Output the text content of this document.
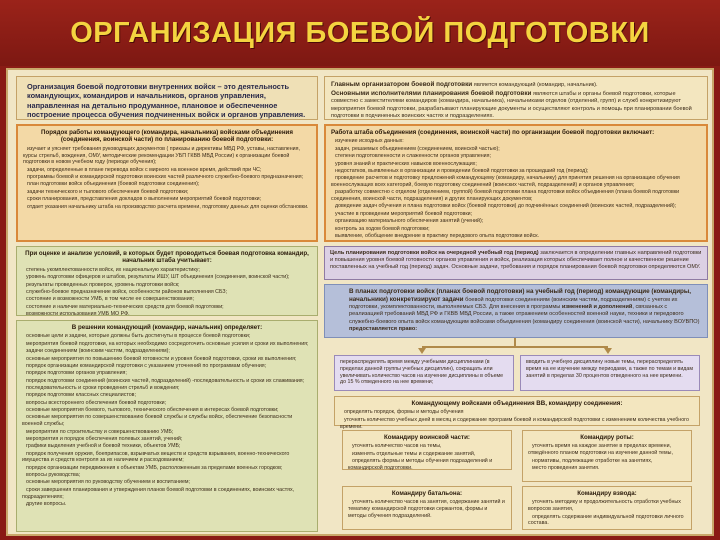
ОРГАНИЗАЦИЯ БОЕВОЙ ПОДГОТОВКИ
Организация боевой подготовки внутренних войск – это деятельность командующих, командиров и начальников, органов управления, направленная на детально продуманное, плановое и обеспеченное построение процесса обучения подчиненных войск и органов управления.

Главным организатором боевой подготовки является командующий (командир, начальник).

Основными исполнителями планирования боевой подготовки являются штабы и органы боевой подготовки, которые совместно с заместителями командиров (командира, начальника), начальниками отделов (отделений, групп) и служб конкретизируют мероприятия боевой подготовки, разрабатывают планирующие документы и осуществляют контроль и помощь при планировании боевой подготовки в подчиненных воинских частях и подразделениях.

Порядок работы командующего (командира, начальника) войсками объединения (соединения, воинской части) по планированию боевой подготовки:

изучает и уясняет требования руководящих документов ( приказы и директивы МВД РФ, уставы, наставления, курсы стрельб, вождения, ОМУ, методические рекомендации УБП ГКВВ МВД России) к организации боевой подготовки в новом учебном году (периоде обучения);

задачи, определенные в плане перевода войск с мирного на военное время, действий при ЧС;

программы боевой и командирской подготовки воинских частей различного служебно-боевого предназначения;

план подготовки войск объединения (боевой подготовки соединения);

задачи технического и тылового обеспечения боевой подготовки;

сроки планирования, представления докладов о выполнении мероприятий боевой подготовки;

отдает указания начальнику штаба на производство расчета времени, подготовку данных для оценки обстановки.

Работа штаба объединения (соединения, воинской части) по организации боевой подготовки включает:

изучение исходных данных:

задач, решаемых объединением (соединением, воинской частью);

степени подготовленности и слаженности органов управления;

уровня знаний и практических навыков военнослужащих;

недостатков, выявленных в организации и проведении боевой подготовки за прошедший год (период);

проведение расчетов и подготовку предложений командующему (командиру, начальнику) для принятия решения на организацию обучения военнослужащих всех категорий, боевую подготовку соединений (воинских частей, подразделений) и органов управления;

разработку совместно с отделом (отделением, группой) боевой подготовки плана подготовки войск объединения (плана боевой подготовки соединения, воинской части, подразделения) и других планирующих документов;

доведение задач обучения и плана подготовки войск (боевой подготовки) до подчинённых соединений (воинских частей, подразделений);

участие в проведении мероприятий боевой подготовки;

организацию материального обеспечения занятий (учений);

контроль за ходом боевой подготовки;

выявление, обобщение внедрение в практику передового опыта подготовки войск.

При оценке и анализе условий, в которых будет проводиться боевая подготовка командир, начальник штаба учитывает:

степень укомплектованности войск, их национальную характеристику;

уровень подготовки офицеров и штабов, результаты ИШУ, ШТ объединения (соединения, воинской части);

результаты проведенных проверок, уровень подготовки войск;

служебно-боевое предназначение войск, особенности районов выполнения СБЗ;

состояние и возможности УМБ, в том числе ее совершенствования;

состояние и наличие материально-технических средств для боевой подготовки;

возможности использования УМБ МО РФ.

В решении командующий (командир, начальник) определяет:

основные цели и задачи, которые должны быть достигнуты в процессе боевой подготовки;

мероприятия боевой подготовки, на которых необходимо сосредоточить основные усилия и сроки их выполнения;

задачи соединениям (воинским частям, подразделениям);

основные мероприятия по повышению боевой готовности и уровня боевой подготовки, сроки их выполнения;

порядок организации командирской подготовки с указанием уточнений по программам обучения;

порядок подготовки органов управления;

порядок подготовки соединений (воинских частей, подразделений) -последовательность и сроки их слаживания;

последовательность и сроки проведения стрельб и вождения;

порядок подготовки классных специалистов;

вопросы всестороннего обеспечения боевой подготовки;

основные мероприятия боевого, тылового, технического обеспечения в интересах боевой подготовки;

основные мероприятия по совершенствованию боевой службы и службы войск, обеспечение безопасности военной службы;

мероприятия по строительству и совершенствованию УМБ;

мероприятия и порядок обеспечения полевых занятий, учений;

графики выделения учебной и боевой техники, объектов УМБ;

порядок получения оружия, боеприпасов, взрывчатых веществ и средств взрывания, военно-технического имущества и средств контроля за их наличием и расходованием;

порядок организации передвижения к объектам УМБ, расположенным за пределами военных городков;

вопросы руководства;

основные мероприятия по руководству обучением и воспитанием;

сроки завершения планирования и утверждения планов боевой подготовки в соединениях, воинских частях, подразделениях;

другие вопросы.

Цель планирования подготовки войск на очередной учебный год (период) заключается в определении главных направлений подготовки и повышения уровня боевой готовности органов управления и войск, реализация которых обеспечивает полное и качественное решение поставленных на учебный год (период) задач. Основные задачи, требования и порядок планирования боевой подготовки определяются ОМУ.

В планах подготовки войск (планах боевой подготовки) на учебный год (период) командующие (командиры, начальники) конкретизируют задачи боевой подготовки соединениям (воинским частям, подразделениям) с учетом их подготовки, укомплектованности, выполняемых СБЗ. Для внесения в программы изменений и дополнений, связанных с реализацией требований МВД РФ и ГКВВ МВД России, а также отражением особенностей военной науки, техники и передового служебно-боевого опыта войск командующим войсками объединения (командиру соединения (воинской части), начальнику ВОУВПО) предоставляется право:

перераспределять время между учебными дисциплинами (в пределах данной группы учебных дисциплин), сокращать или увеличивать количество часов на изучение дисциплины в объеме до 15 % отведенного на нее времени;

вводить в учебную дисциплину новые темы, перераспределять время на ее изучение между периодами, а также по темам и видам занятий в пределах 30 процентов отведенного на нее времени.

Командующему войсками объединения ВВ, командиру соединения:

определять порядок, формы и методы обучения

уточнять количество учебных дней в месяц и содержание программ боевой и командирской подготовки с изменением количества учебного времени.

Командиру воинской части:

уточнять количество часов на темы,

изменять отдельные темы и содержание занятий,

определять формы и методы обучения подразделений и командирской подготовки.

Командиру роты:

уточнять время на каждое занятие в пределах времени, отведённого планом подготовки на изучение данной темы,

нормативы, подлежащие отработке на занятиях,

место проведения занятия.

Командиру батальона:

уточнять количество часов на занятия, содержание занятий и тематику командирской подготовки сержантов, формы и методы обучения подразделений.

Командиру взвода:

уточнять методику и продолжительность отработки учебных вопросов занятия,

определять содержание индивидуальной подготовки личного состава.
